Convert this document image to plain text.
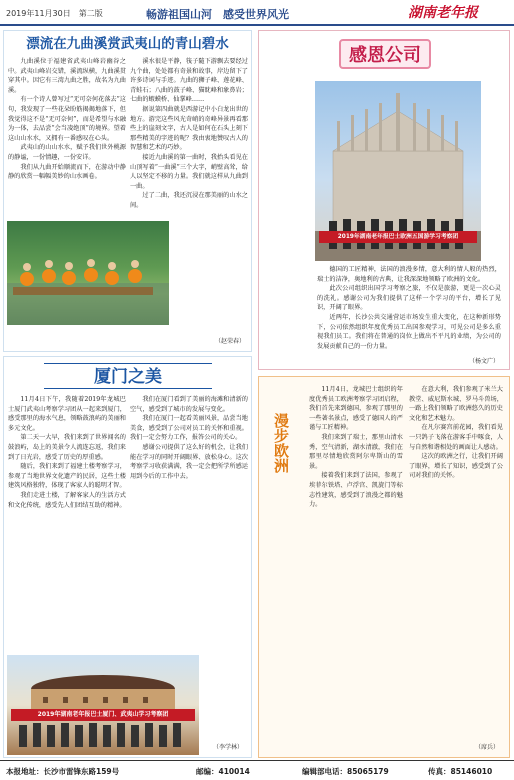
2019年11月30日　第二版	畅游祖国山河　感受世界风光	湖南老年报
漂流在九曲溪赏武夷山的青山碧水

九曲溪位于福建省武夷山峰岩幽谷之中。武夷山峰岩交错，溪流纵横，九曲溪贯穿其中。因它有三湾九曲之胜，故名为九曲溪。

有一个诗人曾写过“无可奈何花落去”这句，我发现了一些花朵盼筋揭揭地落下，但我觉得这不是“无可奈何”，而是希望与水融为一体，去品尝“会当凌绝顶”的境界。望着这山山水水，又拥有一番感叹在心头。

武夷山的山山水水，赋予我们世外桃源的静谧，一份情趣，一份安详。

我们从九曲开始顺流而下，在游动中静静的欣赏一幅幅美妙的山水画卷。

溪水很是平静，筏子隨下游飘去要经过九个曲，处处都有奇景和故事，岸边留下了许多诗词与手迹。九曲的狮子峰、莲花峰、青蛙石；八曲的鼓子峰、猫眈峰和象鼻岩；七曲的蝦蟆桥、仙掌峰……

据说第四曲就是西游记中小白龙出世的地方。游完这些风光奇峭的奇峰异景再看那些上的崖刻文字，古人是如何在石头上刻下那些精美的字迹的呢？我由衷地赞叹古人的智慧和艺术的巧妙。

接近九曲溪的第一曲时，我抬头看见在山顶写着“一曲溪”三个大字，峭壁高耸，给人以坚定不移的力量。我们就这样从九曲到一曲。

过了二曲，我还沉浸在那美丽的山水之间。

（赵荣春）
感恩公司
2019年湖南老年报巴士欧洲五国游学习考察团

德国的工匠精神，法国的浪漫多情，意大利的情人般的热烈，瑞士的洁净，奥地利的古典，让我深深地领略了欧洲的文化。

此次公司组织出国学习考察之旅，不仅是旅游，更是一次心灵的洗礼。感谢公司为我们提供了这样一个学习的平台，增长了见识，开阔了眼界。

近两年，长沙公共交通营运市场发生重大变化，在这种新形势下，公司依然组织年度优秀员工出国参观学习，可见公司是多么重视我们员工。我们将在普通的岗位上做出不平凡的业绩，为公司的发展贡献自己的一份力量。

（杨文广）
厦门之美

11月4日下午，我随着2019年龙城巴士厦门武夷山考察学习团从一起来到厦门，感受那里的海水气息，领略鼓浪屿的美丽和多元文化。

第二天一大早，我们来到了世界闻名的鼓浪屿，岛上的美景令人流连忘返，我们来到了日光岩，感受了历史的厚重感。

随后，我们来到了福建土楼考察学习，参观了当地世界文化遗产的民居，这些土楼建筑风格独特，体现了客家人的聪明才智。

我们走进土楼，了解客家人的生活方式和文化传统，感受先人们团结互助的精神。

我们在厦门看到了美丽的海滩和清新的空气，感受到了城市的发展与变化。

我们在厦门一起看美丽风景，品尝当地美食，感受到了公司对员工的关怀和重视。我们一定会努力工作，报答公司的关心。

感谢公司提供了这么好的机会，让我们能在学习的同时开阔眼界、放松身心。这次考察学习收获满满，我一定会把所学所感运用到今后的工作中去。

2019年湖南老年报巴士厦门、武夷山学习考察团
（李学林）
漫步欧洲

11月4日，龙城巴士组织的年度优秀员工欧洲考察学习团启程，我们首先来到德国，参观了那里的一些著名景点，感受了德国人的严谨与工匠精神。

我们来到了瑞士，那里山清水秀，空气清新，湖水清澈，我们在那里尽情地欣赏阿尔卑斯山的雪景。

接着我们来到了法国，参观了埃菲尔铁塔、卢浮宫、凯旋门等标志性建筑，感受到了浪漫之都的魅力。

在意大利，我们参观了米兰大教堂、威尼斯水城、罗马斗兽场，一路上我们领略了欧洲悠久的历史文化和艺术魅力。

在凡尔赛宫前花园，我们看见一只鸽子飞落在游客手中啄食，人与自然和谐相处的画面让人感动。

这次的欧洲之行，让我们开阔了眼界，增长了知识，感受到了公司对我们的关怀。

（席兵）
本报地址：长沙市雷锋东路159号	邮编：410014	编辑部电话：85065179	传真：85146010
